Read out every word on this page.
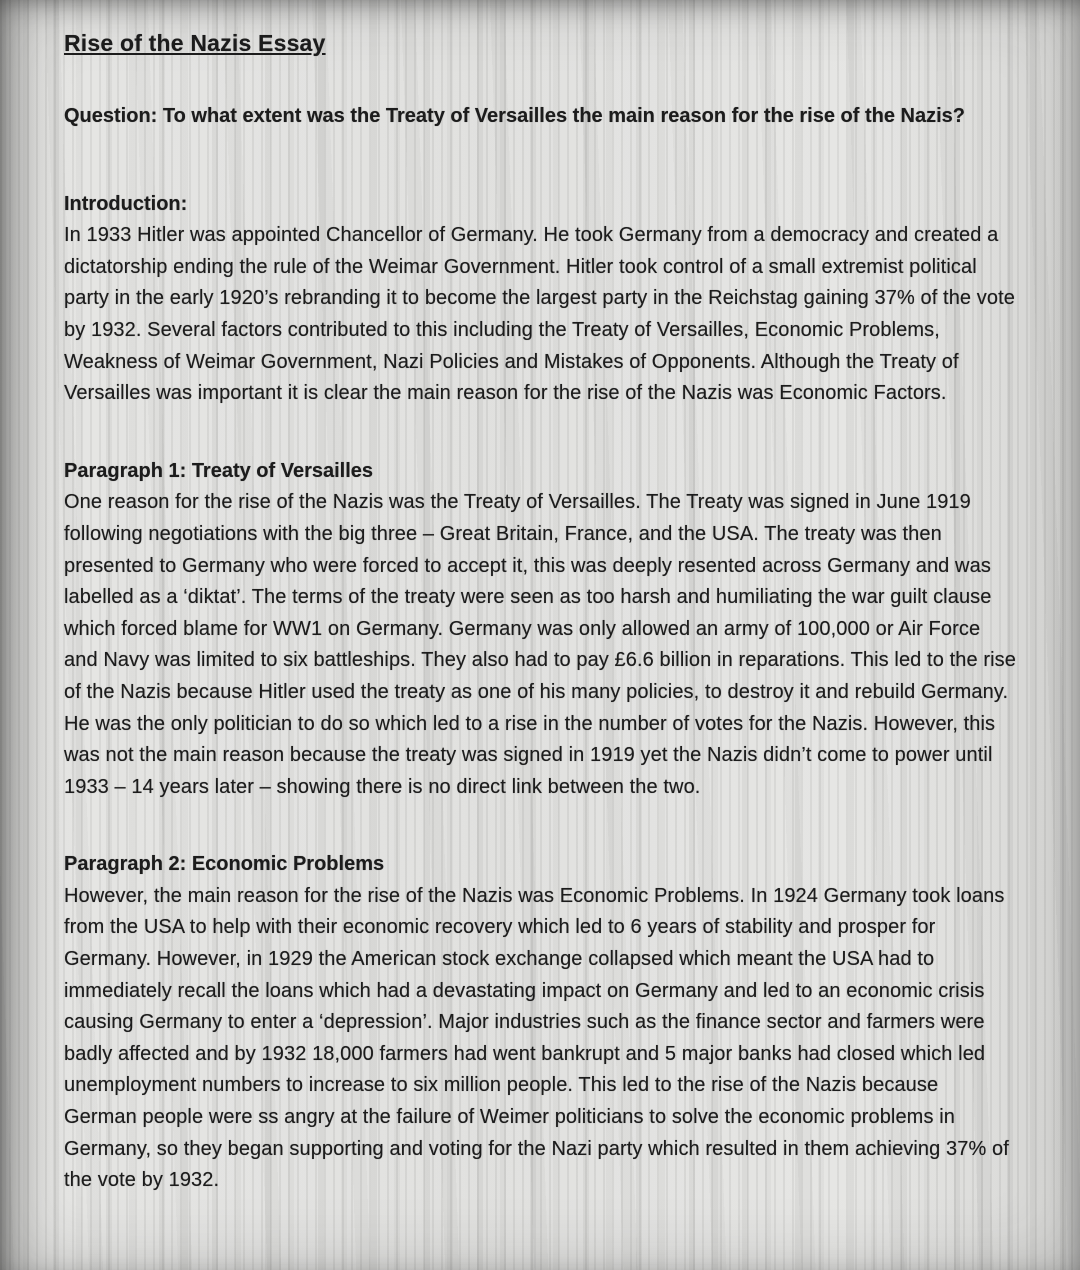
Rise of the Nazis Essay

Question: To what extent was the Treaty of Versailles the main reason for the rise of the Nazis?

Introduction:

In 1933 Hitler was appointed Chancellor of Germany. He took Germany from a democracy and created a dictatorship ending the rule of the Weimar Government. Hitler took control of a small extremist political party in the early 1920’s rebranding it to become the largest party in the Reichstag gaining 37% of the vote by 1932. Several factors contributed to this including the Treaty of Versailles, Economic Problems, Weakness of Weimar Government, Nazi Policies and Mistakes of Opponents. Although the Treaty of Versailles was important it is clear the main reason for the rise of the Nazis was Economic Factors.

Paragraph 1: Treaty of Versailles

One reason for the rise of the Nazis was the Treaty of Versailles. The Treaty was signed in June 1919 following negotiations with the big three – Great Britain, France, and the USA. The treaty was then presented to Germany who were forced to accept it, this was deeply resented across Germany and was labelled as a ‘diktat’. The terms of the treaty were seen as too harsh and humiliating the war guilt clause which forced blame for WW1 on Germany. Germany was only allowed an army of 100,000 or Air Force and Navy was limited to six battleships. They also had to pay £6.6 billion in reparations. This led to the rise of the Nazis because Hitler used the treaty as one of his many policies, to destroy it and rebuild Germany. He was the only politician to do so which led to a rise in the number of votes for the Nazis. However, this was not the main reason because the treaty was signed in 1919 yet the Nazis didn’t come to power until 1933 – 14 years later – showing there is no direct link between the two.

Paragraph 2: Economic Problems

However, the main reason for the rise of the Nazis was Economic Problems. In 1924 Germany took loans from the USA to help with their economic recovery which led to 6 years of stability and prosper for Germany. However, in 1929 the American stock exchange collapsed which meant the USA had to immediately recall the loans which had a devastating impact on Germany and led to an economic crisis causing Germany to enter a ‘depression’. Major industries such as the finance sector and farmers were badly affected and by 1932 18,000 farmers had went bankrupt and 5 major banks had closed which led unemployment numbers to increase to six million people. This led to the rise of the Nazis because German people were ss angry at the failure of Weimer politicians to solve the economic problems in Germany, so they began supporting and voting for the Nazi party which resulted in them achieving 37% of the vote by 1932.
